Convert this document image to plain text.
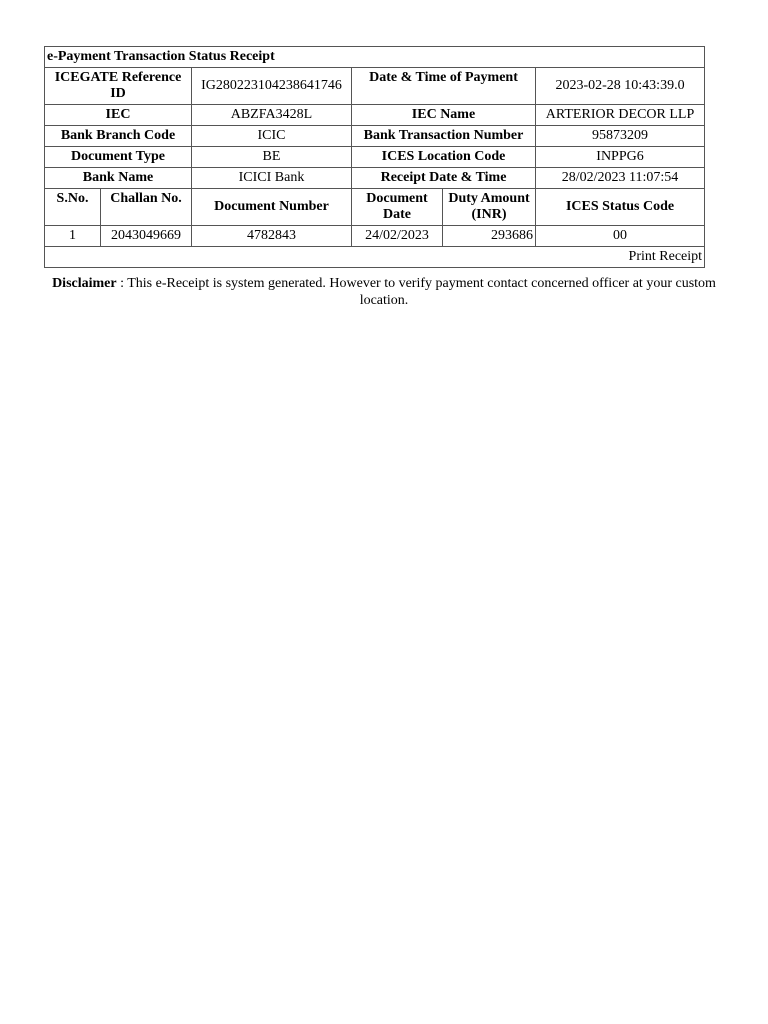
e-Payment Transaction Status Receipt					
ICEGATE Reference ID		IG280223104238641746	Date & Time of Payment		2023-02-28 10:43:39.0
IEC		ABZFA3428L	IEC Name		ARTERIOR DECOR LLP
Bank Branch Code		ICIC	Bank Transaction Number		95873209
Document Type		BE	ICES Location Code		INPPG6
Bank Name		ICICI Bank	Receipt Date & Time		28/02/2023 11:07:54
S.No.	Challan No.	Document Number	Document Date	Duty Amount (INR)	ICES Status Code
1	2043049669	4782843	24/02/2023	293686	00
Print Receipt					
Disclaimer : This e-Receipt is system generated. However to verify payment contact concerned officer at your custom location.
